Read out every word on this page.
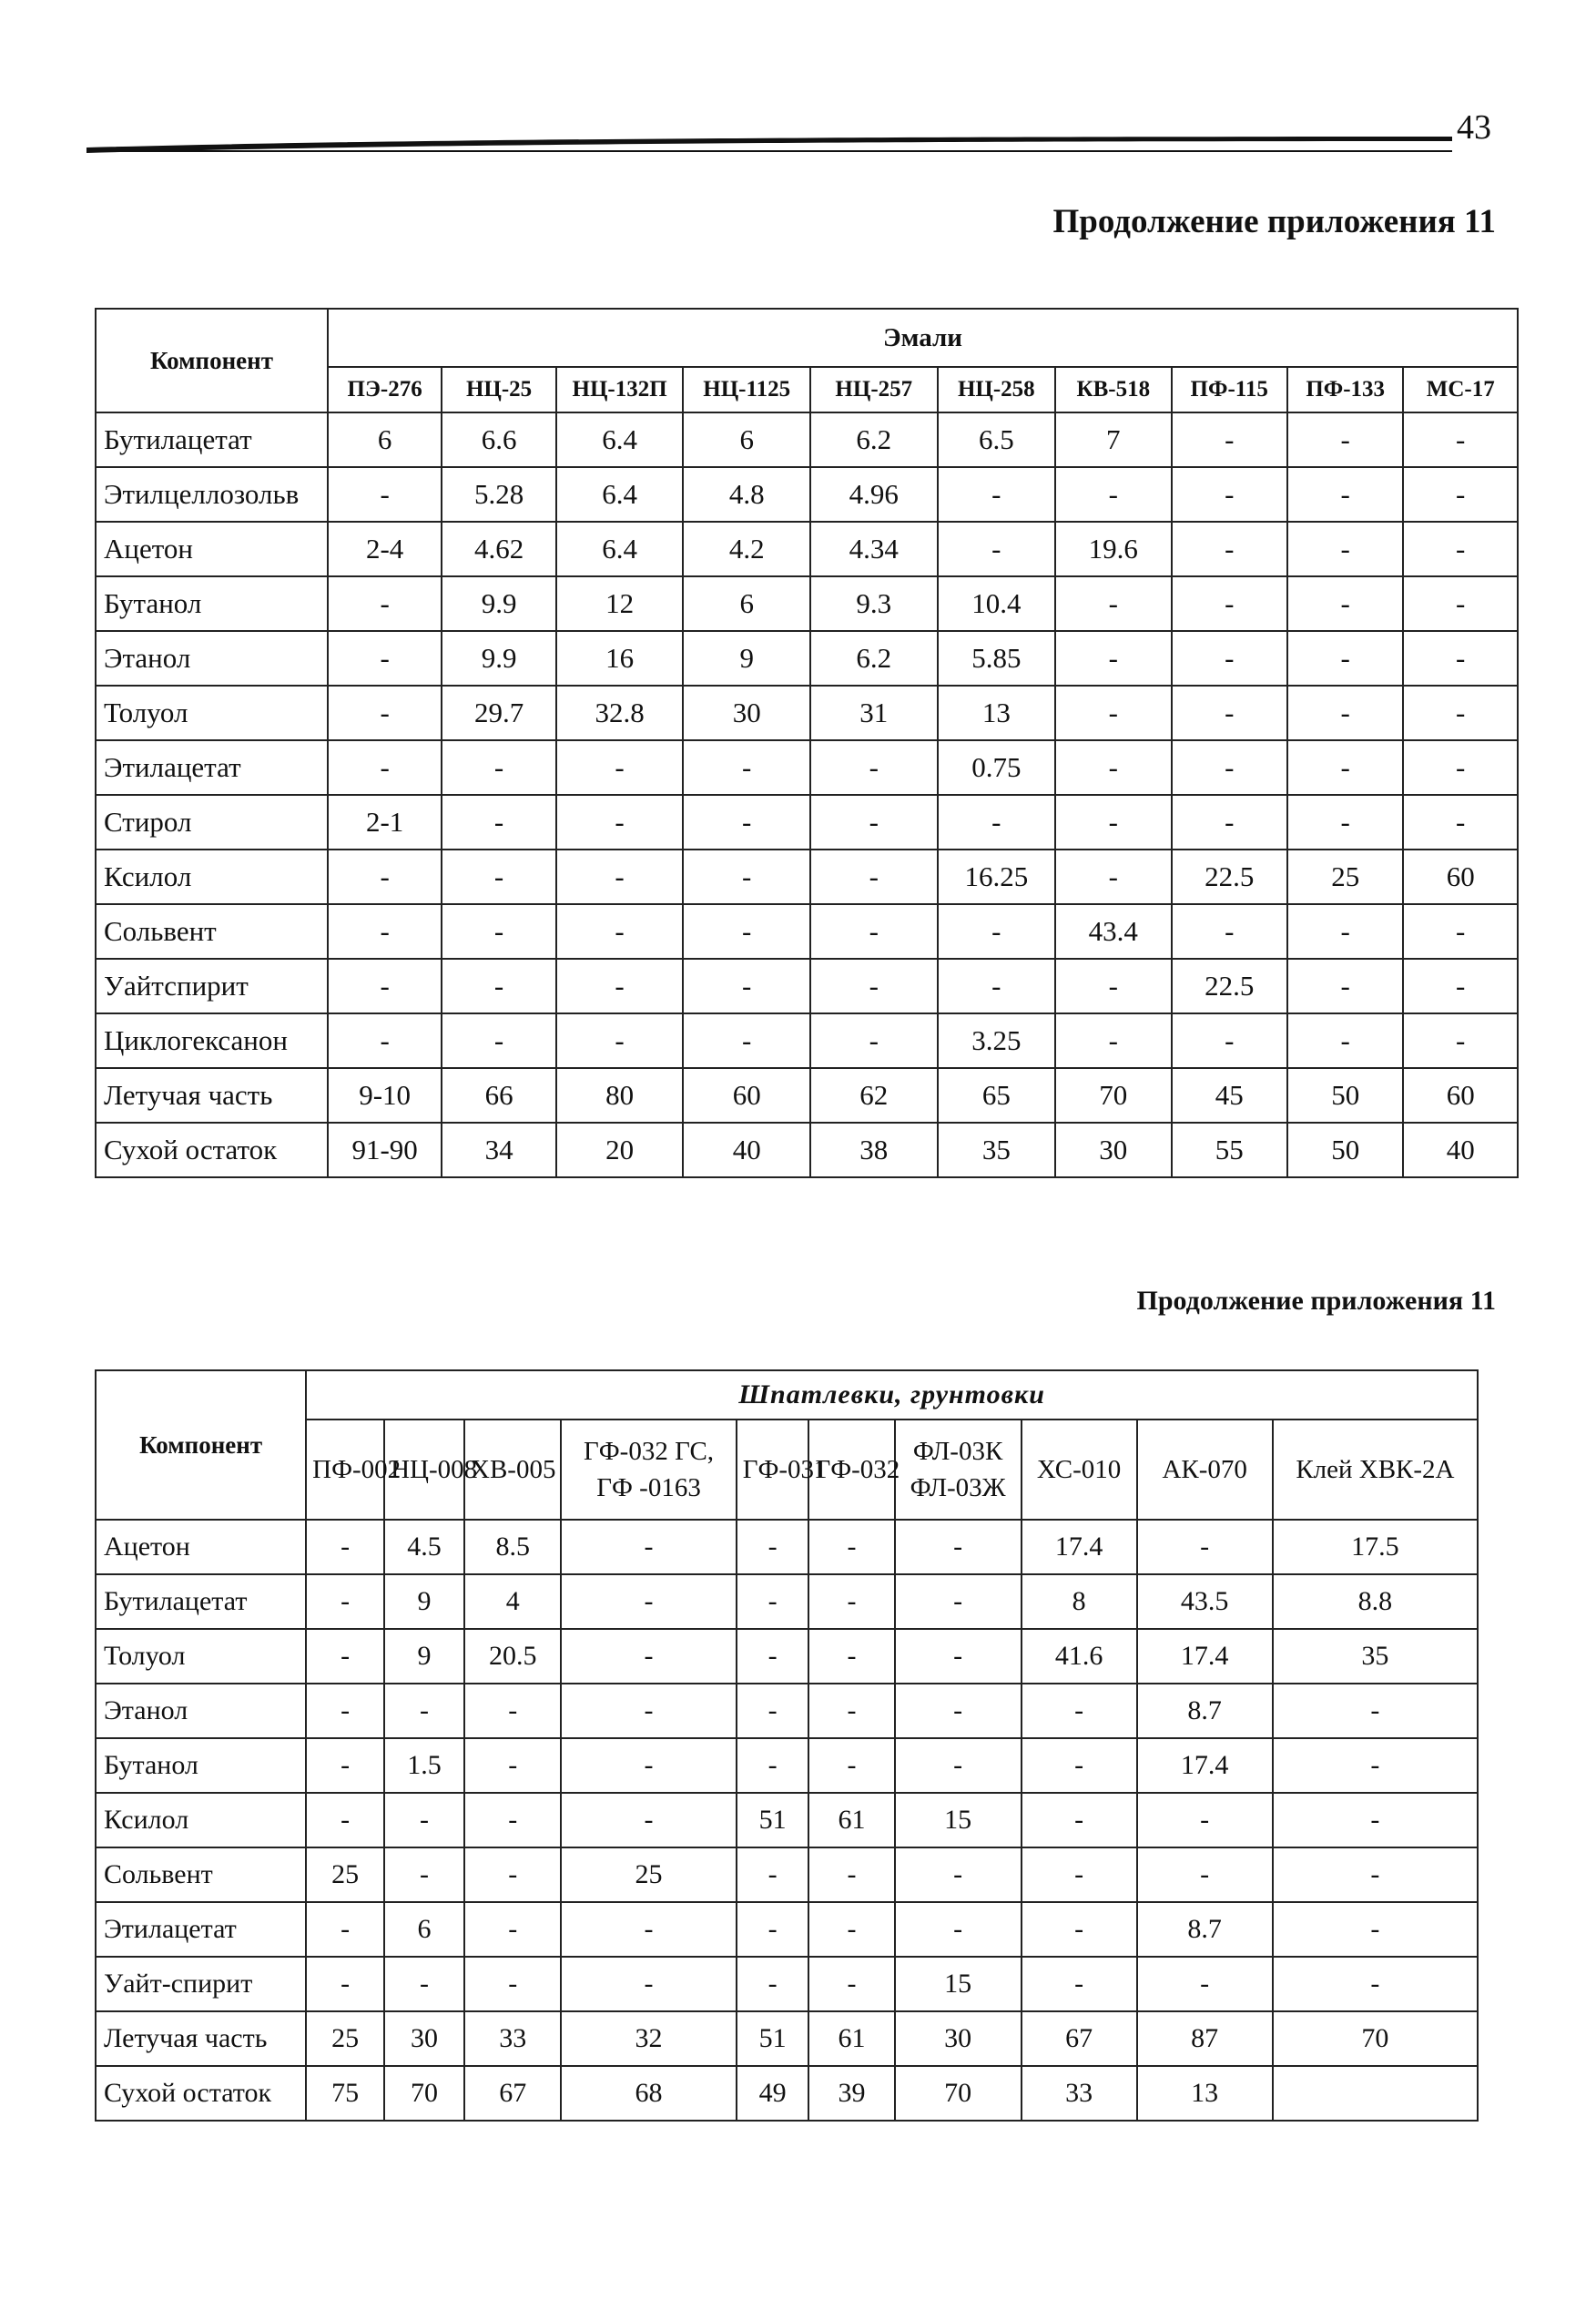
43
Продолжение приложения 11
Компонент	Эмали									
	ПЭ-276	НЦ-25	НЦ-132П	НЦ-1125	НЦ-257	НЦ-258	КВ-518	ПФ-115	ПФ-133	МС-17
Бутилацетат	6	6.6	6.4	6	6.2	6.5	7	-	-	-
Этилцеллозольв	-	5.28	6.4	4.8	4.96	-	-	-	-	-
Ацетон	2-4	4.62	6.4	4.2	4.34	-	19.6	-	-	-
Бутанол	-	9.9	12	6	9.3	10.4	-	-	-	-
Этанол	-	9.9	16	9	6.2	5.85	-	-	-	-
Толуол	-	29.7	32.8	30	31	13	-	-	-	-
Этилацетат	-	-	-	-	-	0.75	-	-	-	-
Стирол	2-1	-	-	-	-	-	-	-	-	-
Ксилол	-	-	-	-	-	16.25	-	22.5	25	60
Сольвент	-	-	-	-	-	-	43.4	-	-	-
Уайтспирит	-	-	-	-	-	-	-	22.5	-	-
Циклогексанон	-	-	-	-	-	3.25	-	-	-	-
Летучая часть	9-10	66	80	60	62	65	70	45	50	60
Сухой остаток	91-90	34	20	40	38	35	30	55	50	40
Продолжение приложения 11
Компонент	Шпатлевки, грунтовки									
	ПФ-002	НЦ-008	ХВ-005	ГФ-032 ГС, ГФ -0163	ГФ-031	ГФ-032	ФЛ-03К ФЛ-03Ж	ХС-010	АК-070	Клей ХВК-2А
Ацетон	-	4.5	8.5	-	-	-	-	17.4	-	17.5
Бутилацетат	-	9	4	-	-	-	-	8	43.5	8.8
Толуол	-	9	20.5	-	-	-	-	41.6	17.4	35
Этанол	-	-	-	-	-	-	-	-	8.7	-
Бутанол	-	1.5	-	-	-	-	-	-	17.4	-
Ксилол	-	-	-	-	51	61	15	-	-	-
Сольвент	25	-	-	25	-	-	-	-	-	-
Этилацетат	-	6	-	-	-	-	-	-	8.7	-
Уайт-спирит	-	-	-	-	-	-	15	-	-	-
Летучая часть	25	30	33	32	51	61	30	67	87	70
Сухой остаток	75	70	67	68	49	39	70	33	13	
